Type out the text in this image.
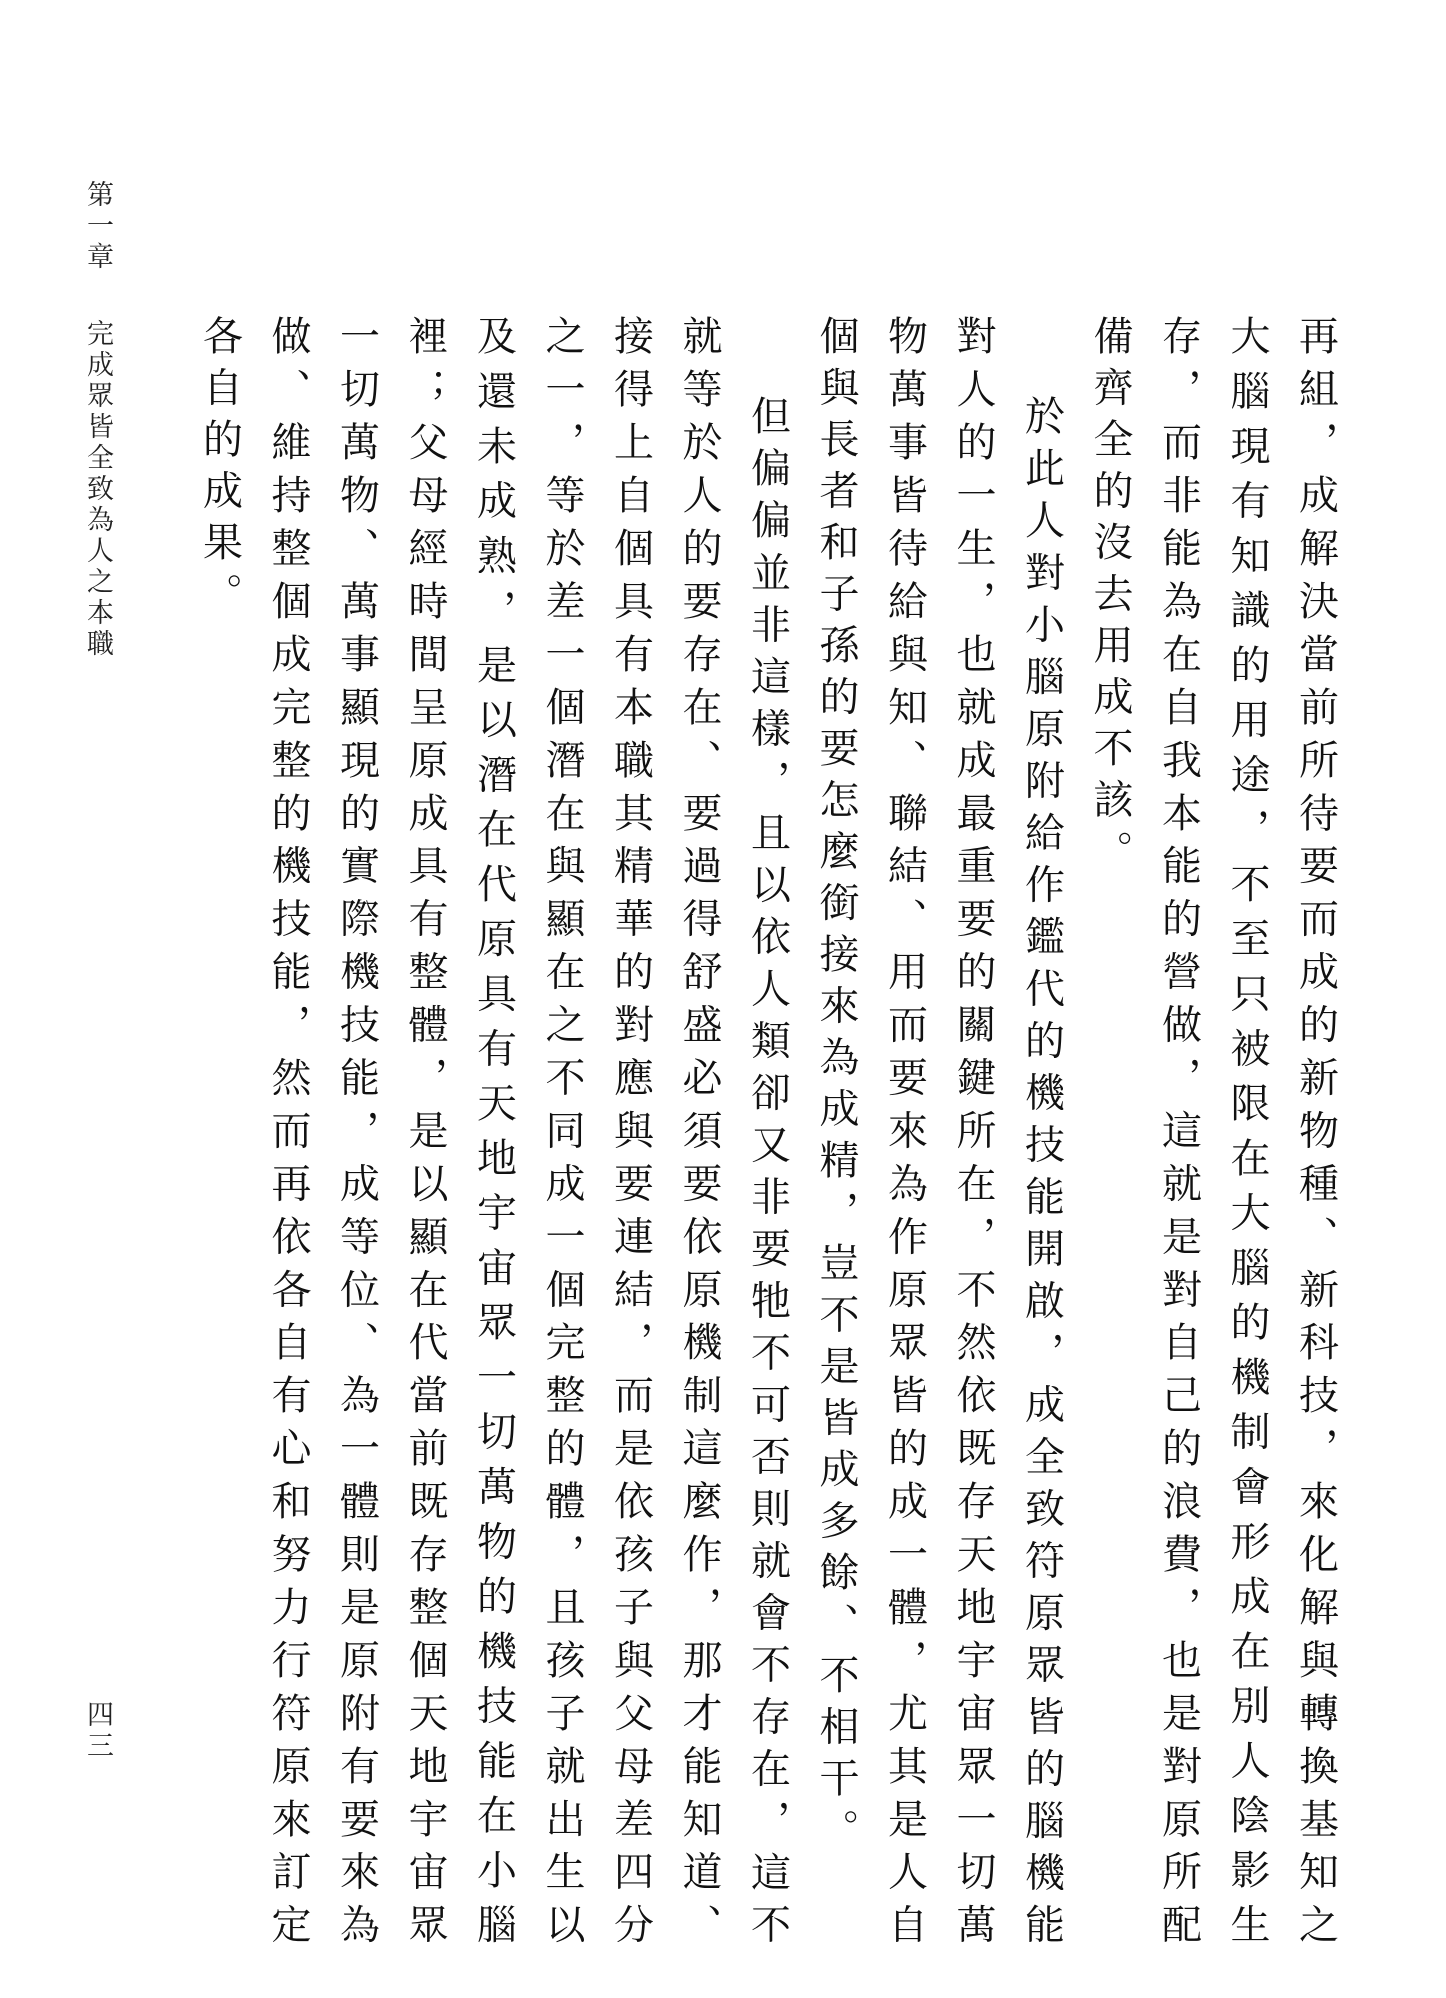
再組，成解決當前所待要而成的新物種、新科技，來化解與轉換基知之大腦現有知識的用途，不至只被限在大腦的機制會形成在別人陰影生存，而非能為在自我本能的營做，這就是對自己的浪費，也是對原所配備齊全的沒去用成不該。

於此人對小腦原附給作鑑代的機技能開啟，成全致符原眾皆的腦機能對人的一生，也就成最重要的關鍵所在，不然依既存天地宇宙眾一切萬物萬事皆待給與知、聯結、用而要來為作原眾皆的成一體，尤其是人自個與長者和子孫的要怎麼銜接來為成精，豈不是皆成多餘、不相干。

但偏偏並非這樣，且以依人類卻又非要牠不可否則就會不存在，這不就等於人的要存在、要過得舒盛必須要依原機制這麼作，那才能知道、接得上自個具有本職其精華的對應與要連結，而是依孩子與父母差四分之一，等於差一個潛在與顯在之不同成一個完整的體，且孩子就出生以及還未成熟，是以潛在代原具有天地宇宙眾一切萬物的機技能在小腦裡；父母經時間呈原成具有整體，是以顯在代當前既存整個天地宇宙眾一切萬物、萬事顯現的實際機技能，成等位、為一體則是原附有要來為做、維持整個成完整的機技能，然而再依各自有心和努力行符原來訂定各自的成果。

第一章完成眾皆全致為人之本職
四三
